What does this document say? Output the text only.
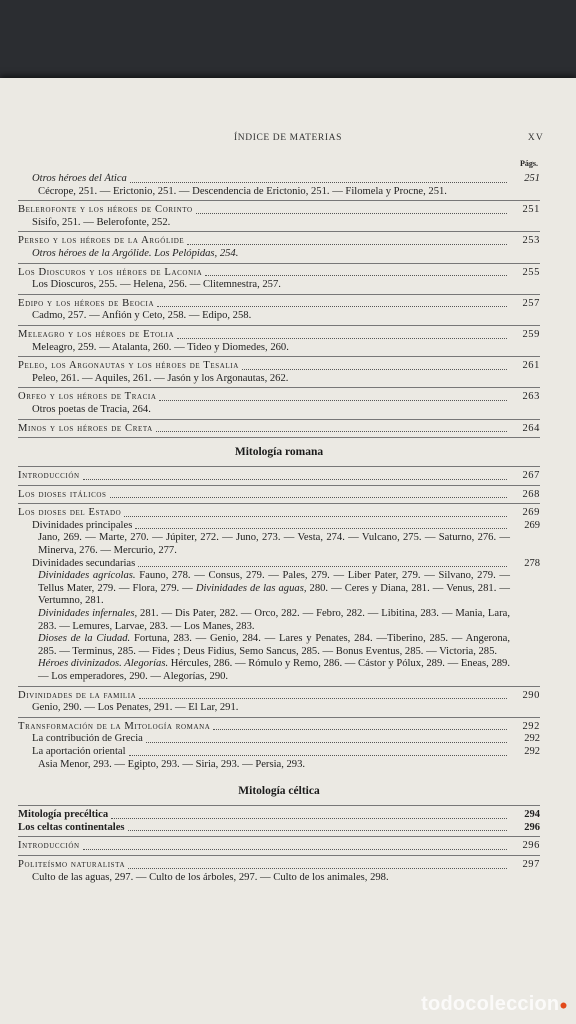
ÍNDICE DE MATERIAS	XV
Págs.
Otros héroes del Ática	251
Cécrope, 251. — Erictonio, 251. — Descendencia de Erictonio, 251. — Filomela y Procne, 251.
Belerofonte y los héroes de Corinto	251
Sísifo, 251. — Belerofonte, 252.
Perseo y los héroes de la Argólide	253
Otros héroes de la Argólide. Los Pelópidas, 254.
Los Dioscuros y los héroes de Laconia	255
Los Dioscuros, 255. — Helena, 256. — Clitemnestra, 257.
Edipo y los héroes de Beocia	257
Cadmo, 257. — Anfión y Ceto, 258. — Edipo, 258.
Meleagro y los héroes de Etolia	259
Meleagro, 259. — Atalanta, 260. — Tideo y Diomedes, 260.
Peleo, los Argonautas y los héroes de Tesalia	261
Peleo, 261. — Aquiles, 261. — Jasón y los Argonautas, 262.
Orfeo y los héroes de Tracia	263
Otros poetas de Tracia, 264.
Minos y los héroes de Creta	264
Mitología romana
Introducción	267
Los dioses itálicos	268
Los dioses del Estado	269
Divinidades principales	269
Jano, 269. — Marte, 270. — Júpiter, 272. — Juno, 273. — Vesta, 274. — Vulcano, 275. — Saturno, 276. — Minerva, 276. — Mercurio, 277.
Divinidades secundarias	278
Divinidades agrícolas. Fauno, 278. — Consus, 279. — Pales, 279. — Liber Pater, 279. — Silvano, 279. — Tellus Mater, 279. — Flora, 279. — Divinidades de las aguas, 280. — Ceres y Diana, 281. — Venus, 281. — Vertumno, 281.
Divinidades infernales, 281. — Dis Pater, 282. — Orco, 282. — Febro, 282. — Libitina, 283. — Mania, Lara, 283. — Lemures, Larvae, 283. — Los Manes, 283.
Dioses de la Ciudad. Fortuna, 283. — Genio, 284. — Lares y Penates, 284. —Tiberino, 285. — Angerona, 285. — Terminus, 285. — Fides ; Deus Fidius, Semo Sancus, 285. — Bonus Eventus, 285. — Victoria, 285.
Héroes divinizados. Alegorías. Hércules, 286. — Rómulo y Remo, 286. — Cástor y Pólux, 289. — Eneas, 289. — Los emperadores, 290. — Alegorías, 290.
Divinidades de la familia	290
Genio, 290. — Los Penates, 291. — El Lar, 291.
Transformación de la Mitología romana	292
La contribución de Grecia	292
La aportación oriental	292
Asia Menor, 293. — Egipto, 293. — Siria, 293. — Persia, 293.
Mitología céltica
Mitología precéltica	294
Los celtas continentales	296
Introducción	296
Politeísmo naturalista	297
Culto de las aguas, 297. — Culto de los árboles, 297. — Culto de los animales, 298.
todocoleccion●
